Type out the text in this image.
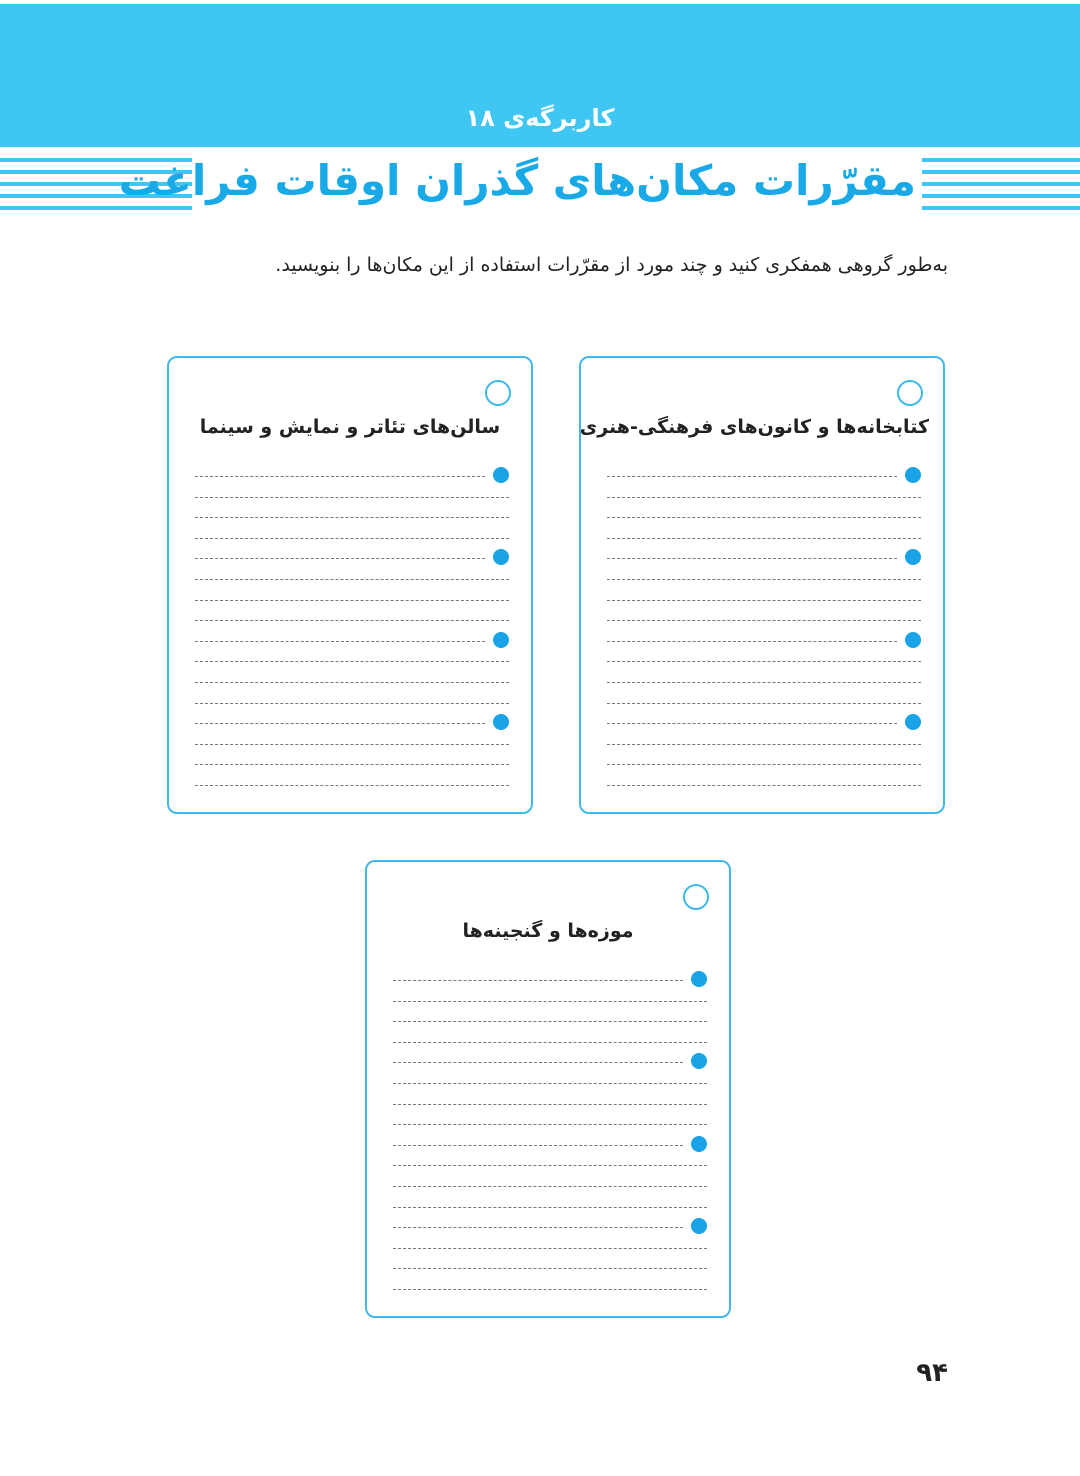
کاربرگه‌ی ۱۸
مقرّرات مکان‌های گذران اوقات فراغت
به‌طور گروهی همفکری کنید و چند مورد از مقرّرات استفاده از این مکان‌ها را بنویسید.
کتابخانه‌ها و کانون‌های فرهنگی-هنری
سالن‌های تئاتر و نمایش و سینما
موزه‌ها و گنجینه‌ها
۹۴
